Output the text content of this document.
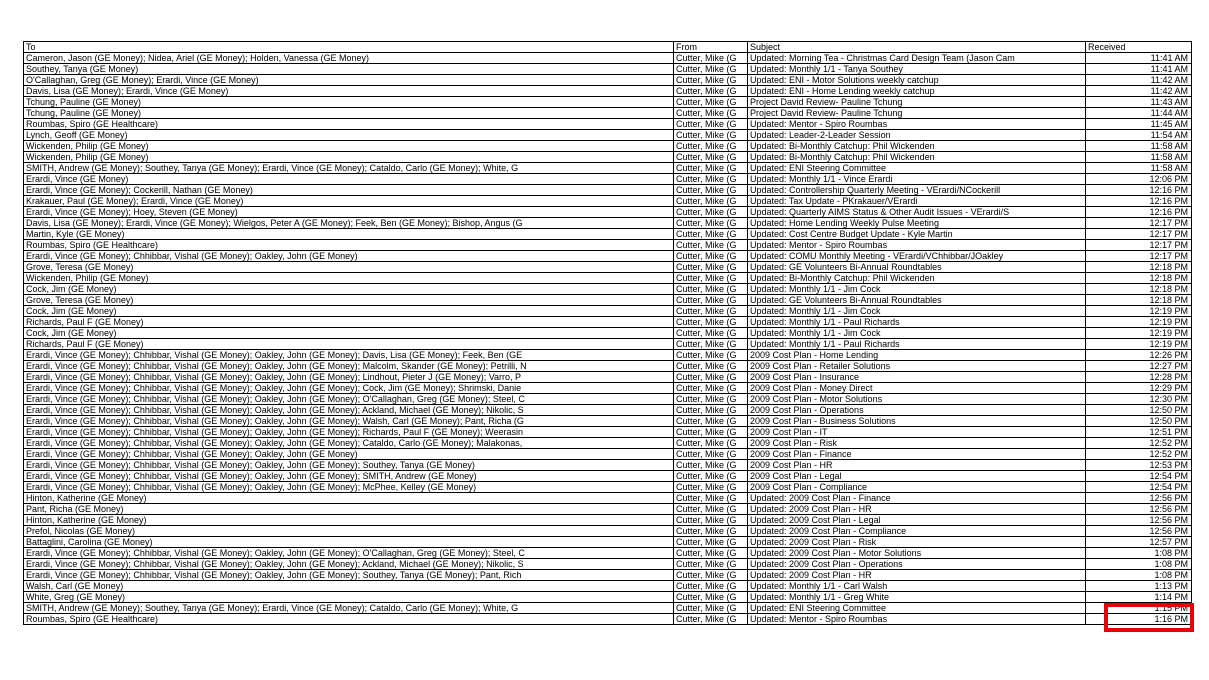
To	From	Subject	Received
Cameron, Jason (GE Money); Nidea, Ariel (GE Money); Holden, Vanessa (GE Money)	Cutter, Mike (G	Updated: Morning Tea - Christmas Card Design Team (Jason Cam	11:41 AM
Southey, Tanya (GE Money)	Cutter, Mike (G	Updated: Monthly 1/1 - Tanya Southey	11:41 AM
O'Callaghan, Greg (GE Money); Erardi, Vince (GE Money)	Cutter, Mike (G	Updated: ENI - Motor Solutions weekly catchup	11:42 AM
Davis, Lisa (GE Money); Erardi, Vince (GE Money)	Cutter, Mike (G	Updated: ENI - Home Lending weekly catchup	11:42 AM
Tchung, Pauline (GE Money)	Cutter, Mike (G	Project David Review- Pauline Tchung	11:43 AM
Tchung, Pauline (GE Money)	Cutter, Mike (G	Project David Review- Pauline Tchung	11:44 AM
Roumbas, Spiro (GE Healthcare)	Cutter, Mike (G	Updated: Mentor - Spiro Roumbas	11:45 AM
Lynch, Geoff (GE Money)	Cutter, Mike (G	Updated: Leader-2-Leader Session	11:54 AM
Wickenden, Philip (GE Money)	Cutter, Mike (G	Updated: Bi-Monthly Catchup: Phil Wickenden	11:58 AM
Wickenden, Philip (GE Money)	Cutter, Mike (G	Updated: Bi-Monthly Catchup: Phil Wickenden	11:58 AM
SMITH, Andrew (GE Money); Southey, Tanya (GE Money); Erardi, Vince (GE Money); Cataldo, Carlo (GE Money); White, G	Cutter, Mike (G	Updated: ENI Steering Committee	11:58 AM
Erardi, Vince (GE Money)	Cutter, Mike (G	Updated: Monthly 1/1 - Vince Erardi	12:06 PM
Erardi, Vince (GE Money); Cockerill, Nathan (GE Money)	Cutter, Mike (G	Updated: Controllership Quarterly Meeting - VErardi/NCockerill	12:16 PM
Krakauer, Paul (GE Money); Erardi, Vince (GE Money)	Cutter, Mike (G	Updated: Tax Update - PKrakauer/VErardi	12:16 PM
Erardi, Vince (GE Money); Hoey, Steven (GE Money)	Cutter, Mike (G	Updated: Quarterly AIMS Status & Other Audit Issues - VErardi/S	12:16 PM
Davis, Lisa (GE Money); Erardi, Vince (GE Money); Wielgos, Peter A (GE Money); Feek, Ben (GE Money); Bishop, Angus (G	Cutter, Mike (G	Updated: Home Lending Weekly Pulse Meeting	12:17 PM
Martin, Kyle (GE Money)	Cutter, Mike (G	Updated: Cost Centre Budget Update - Kyle Martin	12:17 PM
Roumbas, Spiro (GE Healthcare)	Cutter, Mike (G	Updated: Mentor - Spiro Roumbas	12:17 PM
Erardi, Vince (GE Money); Chhibbar, Vishal (GE Money); Oakley, John (GE Money)	Cutter, Mike (G	Updated: COMU Monthly Meeting - VErardi/VChhibbar/JOakley	12:17 PM
Grove, Teresa (GE Money)	Cutter, Mike (G	Updated: GE Volunteers Bi-Annual Roundtables	12:18 PM
Wickenden, Philip (GE Money)	Cutter, Mike (G	Updated: Bi-Monthly Catchup: Phil Wickenden	12:18 PM
Cock, Jim (GE Money)	Cutter, Mike (G	Updated: Monthly 1/1 - Jim Cock	12:18 PM
Grove, Teresa (GE Money)	Cutter, Mike (G	Updated: GE Volunteers Bi-Annual Roundtables	12:18 PM
Cock, Jim (GE Money)	Cutter, Mike (G	Updated: Monthly 1/1 - Jim Cock	12:19 PM
Richards, Paul F (GE Money)	Cutter, Mike (G	Updated: Monthly 1/1 - Paul Richards	12:19 PM
Cock, Jim (GE Money)	Cutter, Mike (G	Updated: Monthly 1/1 - Jim Cock	12:19 PM
Richards, Paul F (GE Money)	Cutter, Mike (G	Updated: Monthly 1/1 - Paul Richards	12:19 PM
Erardi, Vince (GE Money); Chhibbar, Vishal (GE Money); Oakley, John (GE Money); Davis, Lisa (GE Money); Feek, Ben (GE	Cutter, Mike (G	2009 Cost Plan - Home Lending	12:26 PM
Erardi, Vince (GE Money); Chhibbar, Vishal (GE Money); Oakley, John (GE Money); Malcolm, Skander (GE Money); Petrilli, N	Cutter, Mike (G	2009 Cost Plan - Retailer Solutions	12:27 PM
Erardi, Vince (GE Money); Chhibbar, Vishal (GE Money); Oakley, John (GE Money); Lindhout, Pieter J (GE Money); Varro, P	Cutter, Mike (G	2009 Cost Plan - Insurance	12:28 PM
Erardi, Vince (GE Money); Chhibbar, Vishal (GE Money); Oakley, John (GE Money); Cock, Jim (GE Money); Shrimski, Danie	Cutter, Mike (G	2009 Cost Plan - Money Direct	12:29 PM
Erardi, Vince (GE Money); Chhibbar, Vishal (GE Money); Oakley, John (GE Money); O'Callaghan, Greg (GE Money); Steel, C	Cutter, Mike (G	2009 Cost Plan - Motor Solutions	12:30 PM
Erardi, Vince (GE Money); Chhibbar, Vishal (GE Money); Oakley, John (GE Money); Ackland, Michael (GE Money); Nikolic, S	Cutter, Mike (G	2009 Cost Plan - Operations	12:50 PM
Erardi, Vince (GE Money); Chhibbar, Vishal (GE Money); Oakley, John (GE Money); Walsh, Carl (GE Money); Pant, Richa (G	Cutter, Mike (G	2009 Cost Plan - Business Solutions	12:50 PM
Erardi, Vince (GE Money); Chhibbar, Vishal (GE Money); Oakley, John (GE Money); Richards, Paul F (GE Money); Weerasin	Cutter, Mike (G	2009 Cost Plan - IT	12:51 PM
Erardi, Vince (GE Money); Chhibbar, Vishal (GE Money); Oakley, John (GE Money); Cataldo, Carlo (GE Money); Malakonas,	Cutter, Mike (G	2009 Cost Plan - Risk	12:52 PM
Erardi, Vince (GE Money); Chhibbar, Vishal (GE Money); Oakley, John (GE Money)	Cutter, Mike (G	2009 Cost Plan - Finance	12:52 PM
Erardi, Vince (GE Money); Chhibbar, Vishal (GE Money); Oakley, John (GE Money); Southey, Tanya (GE Money)	Cutter, Mike (G	2009 Cost Plan - HR	12:53 PM
Erardi, Vince (GE Money); Chhibbar, Vishal (GE Money); Oakley, John (GE Money); SMITH, Andrew (GE Money)	Cutter, Mike (G	2009 Cost Plan - Legal	12:54 PM
Erardi, Vince (GE Money); Chhibbar, Vishal (GE Money); Oakley, John (GE Money); McPhee, Kelley (GE Money)	Cutter, Mike (G	2009 Cost Plan - Compliance	12:54 PM
Hinton, Katherine (GE Money)	Cutter, Mike (G	Updated: 2009 Cost Plan - Finance	12:56 PM
Pant, Richa (GE Money)	Cutter, Mike (G	Updated: 2009 Cost Plan - HR	12:56 PM
Hinton, Katherine (GE Money)	Cutter, Mike (G	Updated: 2009 Cost Plan - Legal	12:56 PM
Prefol, Nicolas (GE Money)	Cutter, Mike (G	Updated: 2009 Cost Plan - Compliance	12:56 PM
Battaglini, Carolina (GE Money)	Cutter, Mike (G	Updated: 2009 Cost Plan - Risk	12:57 PM
Erardi, Vince (GE Money); Chhibbar, Vishal (GE Money); Oakley, John (GE Money); O'Callaghan, Greg (GE Money); Steel, C	Cutter, Mike (G	Updated: 2009 Cost Plan - Motor Solutions	1:08 PM
Erardi, Vince (GE Money); Chhibbar, Vishal (GE Money); Oakley, John (GE Money); Ackland, Michael (GE Money); Nikolic, S	Cutter, Mike (G	Updated: 2009 Cost Plan - Operations	1:08 PM
Erardi, Vince (GE Money); Chhibbar, Vishal (GE Money); Oakley, John (GE Money); Southey, Tanya (GE Money); Pant, Rich	Cutter, Mike (G	Updated: 2009 Cost Plan - HR	1:08 PM
Walsh, Carl (GE Money)	Cutter, Mike (G	Updated: Monthly 1/1 - Carl Walsh	1:13 PM
White, Greg (GE Money)	Cutter, Mike (G	Updated: Monthly 1/1 - Greg White	1:14 PM
SMITH, Andrew (GE Money); Southey, Tanya (GE Money); Erardi, Vince (GE Money); Cataldo, Carlo (GE Money); White, G	Cutter, Mike (G	Updated: ENI Steering Committee	1:15 PM
Roumbas, Spiro (GE Healthcare)	Cutter, Mike (G	Updated: Mentor - Spiro Roumbas	1:16 PM
